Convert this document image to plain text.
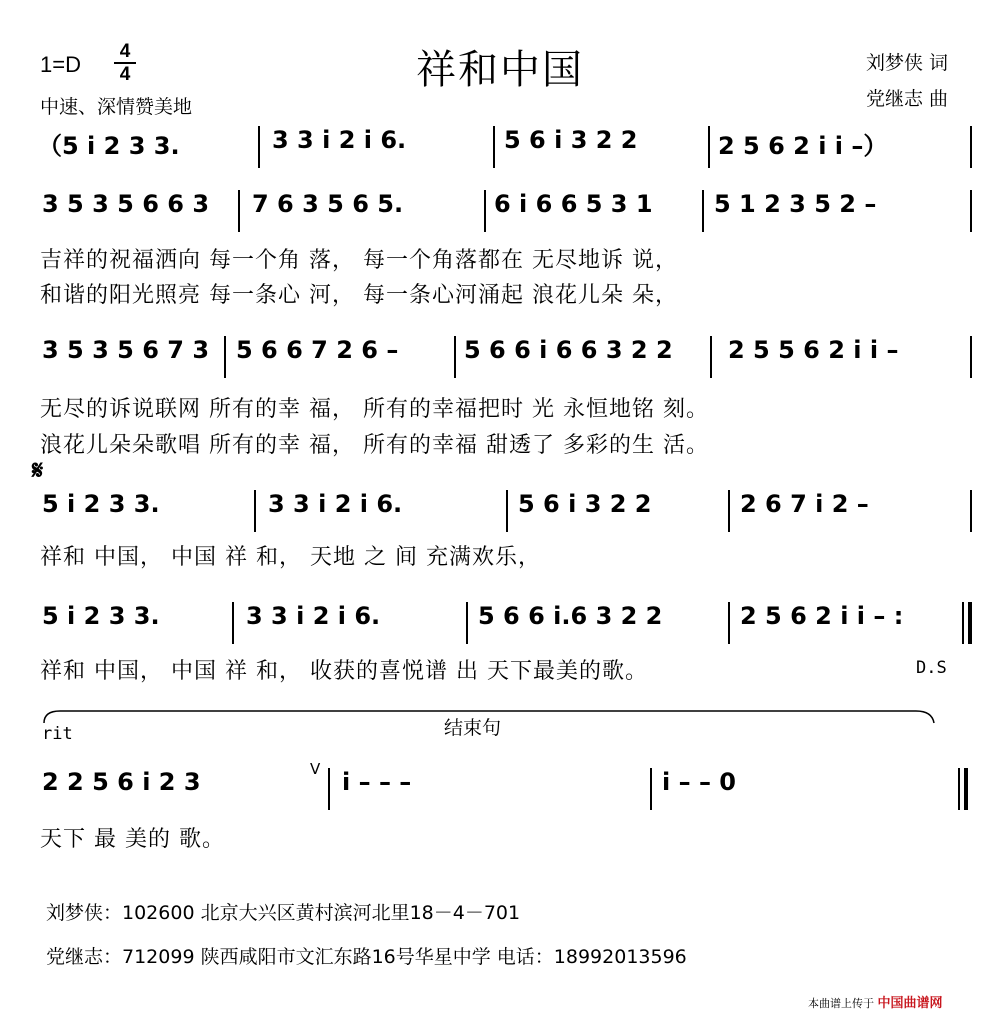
1=D
4
4
中速、深情赞美地
祥和中国	刘梦侠 词
党继志 曲
（5 i 2 3 3.	3 3 i 2 i 6.	5 6 i 3 2 2	2 5 6 2 i i –）
3 5 3 5 6 6 3 7 6 3 5 6 5.	6 i 6 6 5 3 1	5 1 2 3 5 2 –
吉祥的祝福洒向 每一个角 落， 每一个角落都在 无尽地诉 说，
和谐的阳光照亮 每一条心 河， 每一条心河涌起 浪花儿朵 朵，
3 5 3 5 6 7 3 5 6 6 7 2 6 –	5 6 6 i 6 6 3 2 2 2 5 5 6 2 i i –
无尽的诉说联网 所有的幸 福， 所有的幸福把时 光 永恒地铭 刻。
浪花儿朵朵歌唱 所有的幸 福， 所有的幸福 甜透了 多彩的生 活。
𝄋
5 i 2 3 3.	3 3 i 2 i 6.	5 6 i 3 2 2	2 6 7 i 2 –
祥和 中国， 中国 祥 和， 天地 之 间 充满欢乐，
5 i 2 3 3.	3 3 i 2 i 6.	5 6 6 i.6 3 2 2	2 5 6 2 i i – :
祥和 中国， 中国 祥 和， 收获的喜悦谱 出 天下最美的歌。	D.S
rit	结束句
2 2 5 6 i 2 3	V i – – –	i – – 0
天下 最 美的 歌。
刘梦侠：102600 北京大兴区黄村滨河北里18－4－701
党继志：712099 陕西咸阳市文汇东路16号华星中学 电话：18992013596
本曲谱上传于 中国曲谱网
